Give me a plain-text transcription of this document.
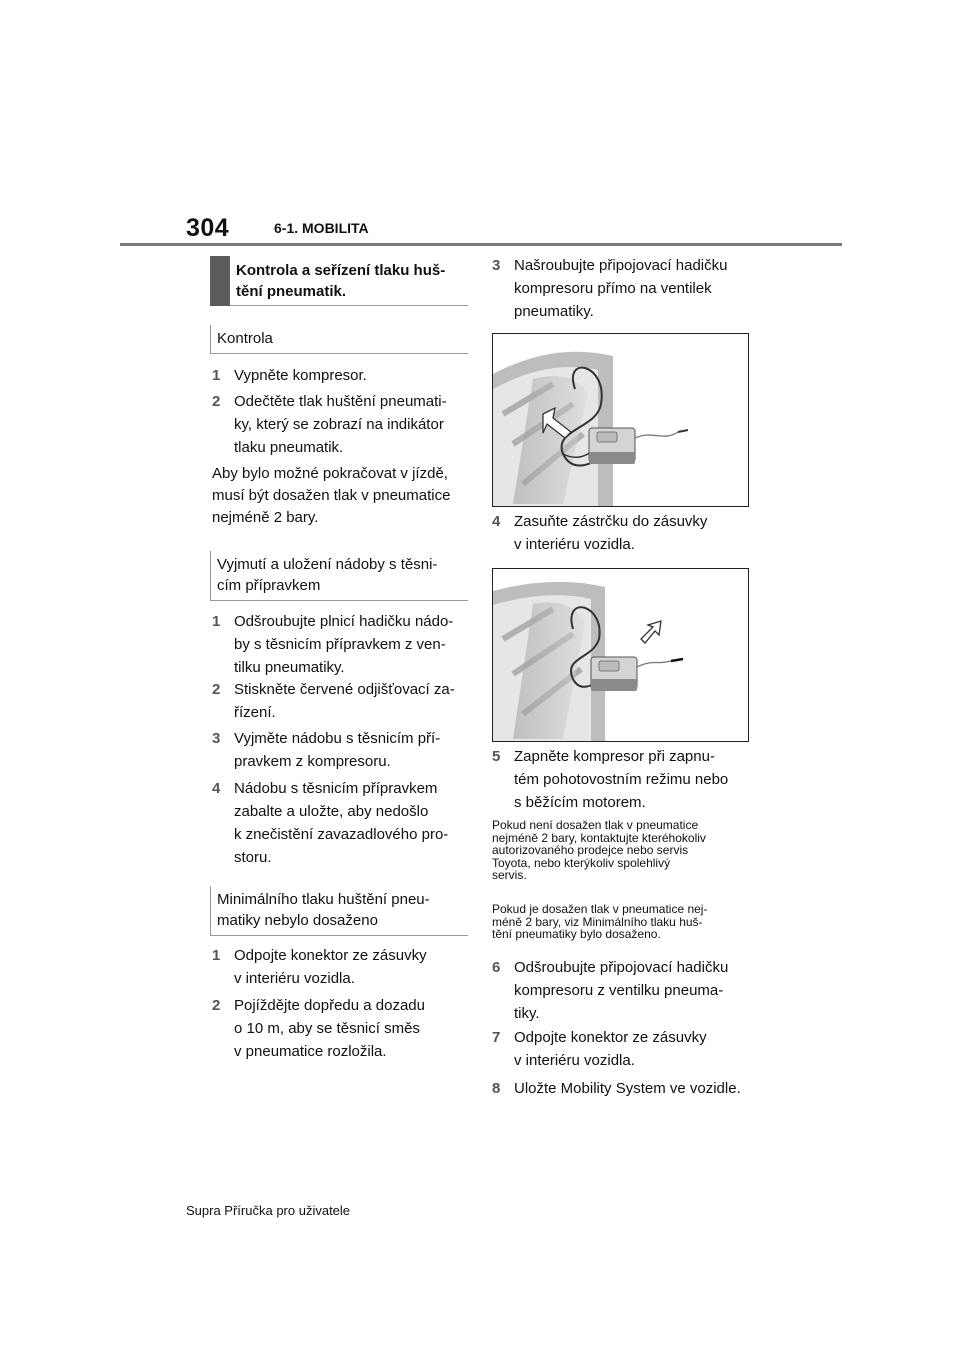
304	6-1. MOBILITA
Kontrola a seřízení tlaku huš-
tění pneumatik.
Kontrola
1 Vypněte kompresor.
2 Odečtěte tlak huštění pneumati-
ky, který se zobrazí na indikátor
tlaku pneumatik.
Aby bylo možné pokračovat v jízdě,
musí být dosažen tlak v pneumatice
nejméně 2 bary.
Vyjmutí a uložení nádoby s těsni-
cím přípravkem
1 Odšroubujte plnicí hadičku nádo-
by s těsnicím přípravkem z ven-
tilku pneumatiky.
2 Stiskněte červené odjišťovací za-
řízení.
3 Vyjměte nádobu s těsnicím pří-
pravkem z kompresoru.
4 Nádobu s těsnicím přípravkem
zabalte a uložte, aby nedošlo
k znečistění zavazadlového pro-
storu.
Minimálního tlaku huštění pneu-
matiky nebylo dosaženo
1 Odpojte konektor ze zásuvky
v interiéru vozidla.
2 Pojíždějte dopředu a dozadu
o 10 m, aby se těsnicí směs
v pneumatice rozložila.
3 Našroubujte připojovací hadičku
kompresoru přímo na ventilek
pneumatiky.
4 Zasuňte zástrčku do zásuvky
v interiéru vozidla.
5 Zapněte kompresor při zapnu-
tém pohotovostním režimu nebo
s běžícím motorem.
Pokud není dosažen tlak v pneumatice
nejméně 2 bary, kontaktujte kteréhokoliv
autorizovaného prodejce nebo servis
Toyota, nebo kterýkoliv spolehlivý
servis.
Pokud je dosažen tlak v pneumatice nej-
méně 2 bary, viz Minimálního tlaku huš-
tění pneumatiky bylo dosaženo.
6 Odšroubujte připojovací hadičku
kompresoru z ventilku pneuma-
tiky.
7 Odpojte konektor ze zásuvky
v interiéru vozidla.
8 Uložte Mobility System ve vozidle.
Supra Příručka pro uživatele
